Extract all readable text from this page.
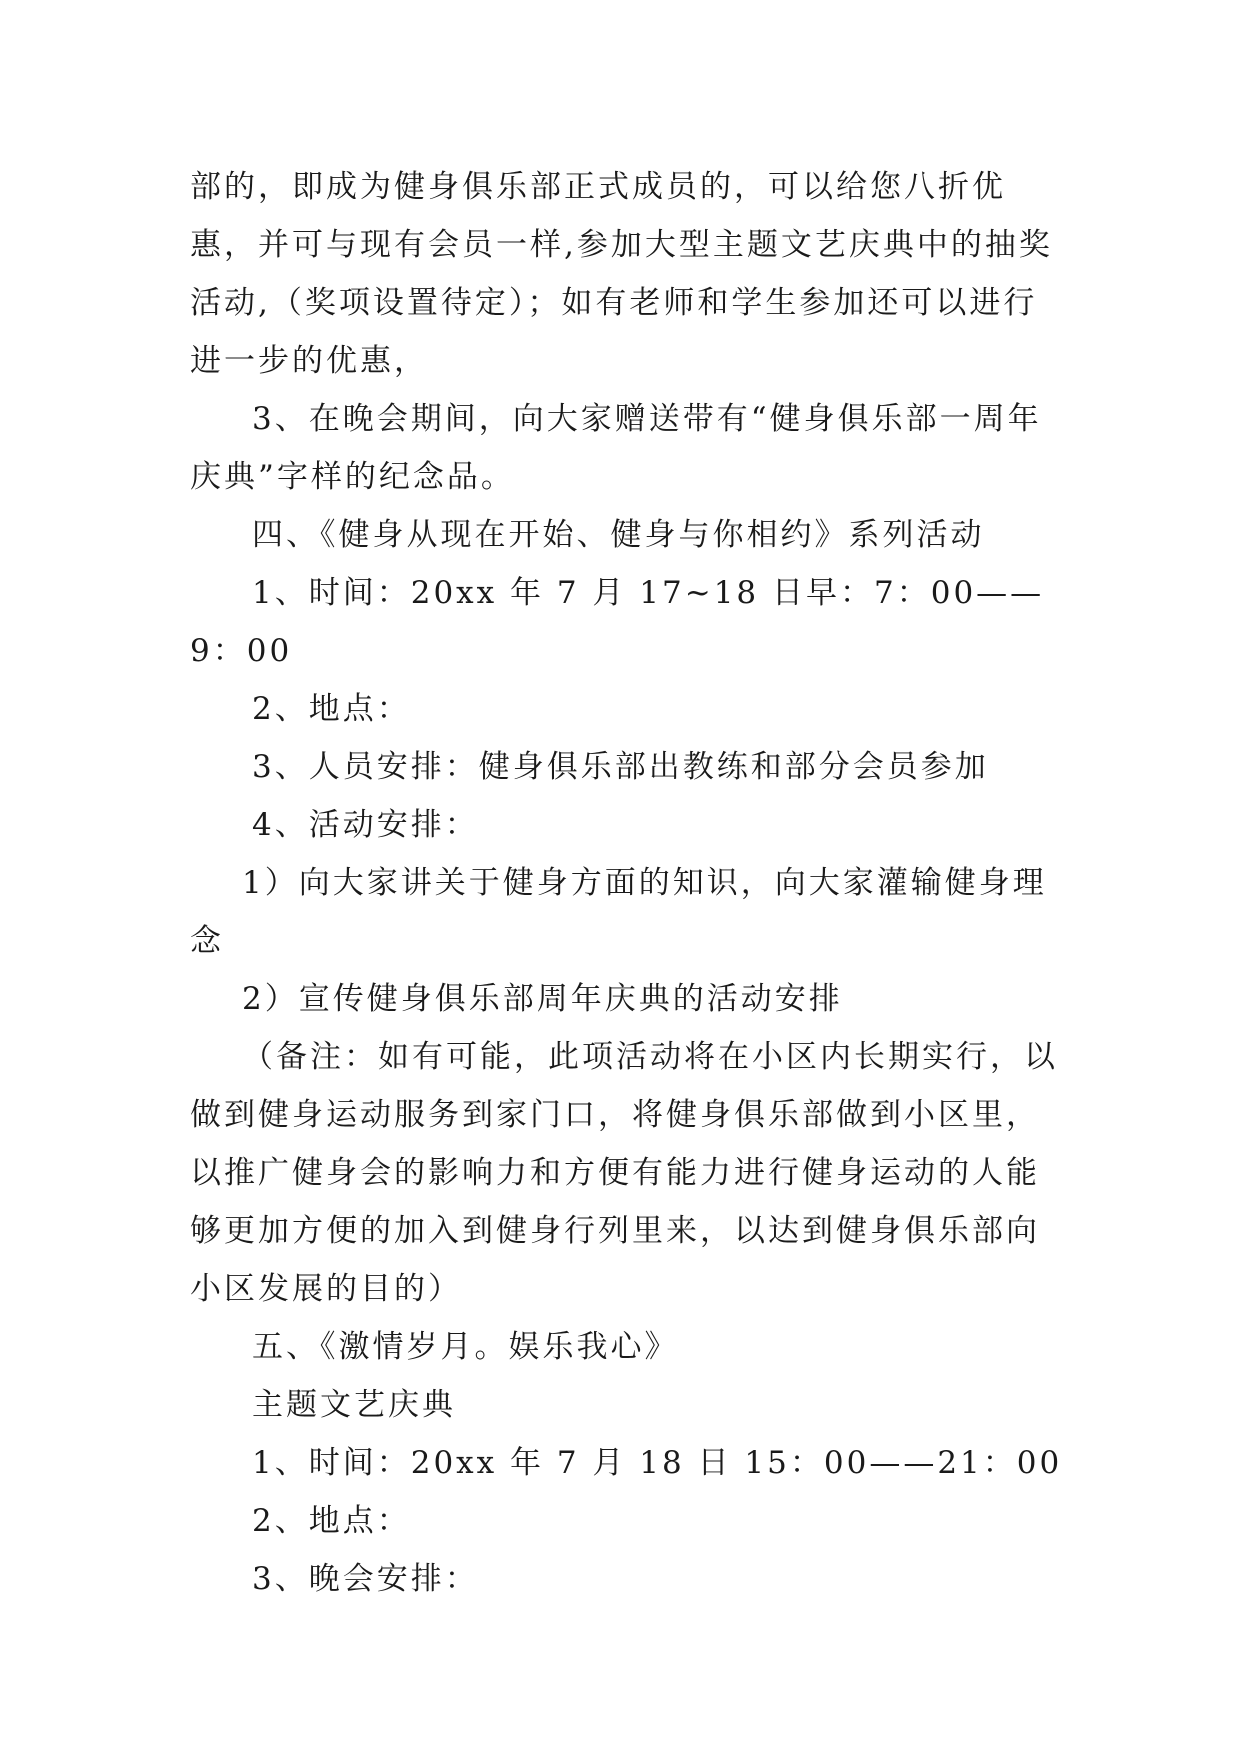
部的，即成为健身俱乐部正式成员的，可以给您八折优惠，并可与现有会员一样,参加大型主题文艺庆典中的抽奖活动,（奖项设置待定）；如有老师和学生参加还可以进行进一步的优惠，

3、在晚会期间，向大家赠送带有“健身俱乐部一周年庆典”字样的纪念品。

四、《健身从现在开始、健身与你相约》系列活动

1、时间：20xx 年 7 月 17~18 日早：7：00——9：00

2、地点：

3、人员安排：健身俱乐部出教练和部分会员参加

4、活动安排：

1）向大家讲关于健身方面的知识，向大家灌输健身理念

2）宣传健身俱乐部周年庆典的活动安排

（备注：如有可能，此项活动将在小区内长期实行，以做到健身运动服务到家门口，将健身俱乐部做到小区里，以推广健身会的影响力和方便有能力进行健身运动的人能够更加方便的加入到健身行列里来，以达到健身俱乐部向小区发展的目的）

五、《激情岁月。娱乐我心》

主题文艺庆典

1、时间：20xx 年 7 月 18 日 15：00——21：00

2、地点：

3、晚会安排：
